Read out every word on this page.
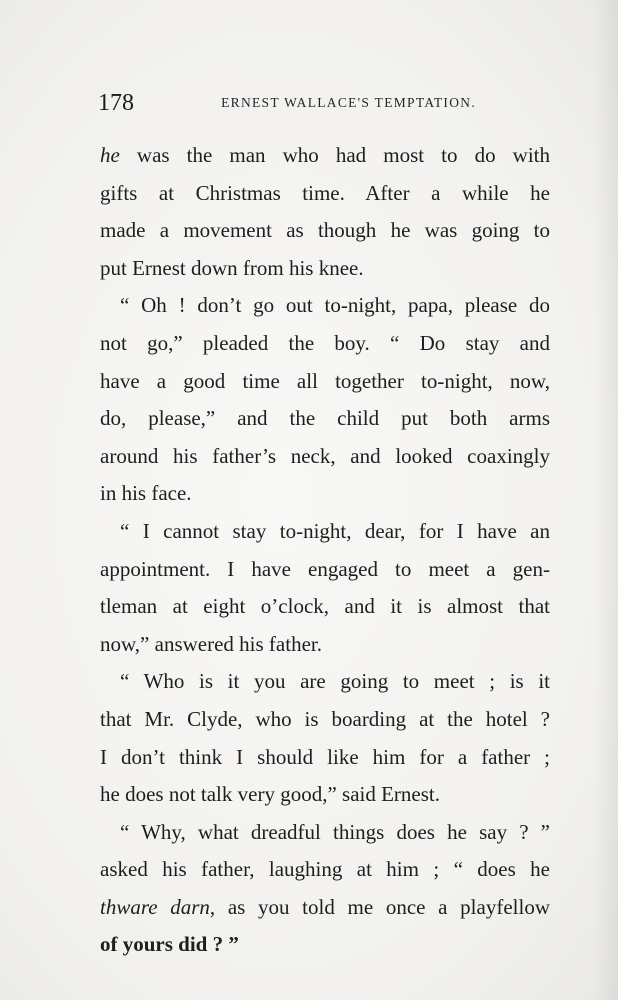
178	ERNEST WALLACE'S TEMPTATION.
he was the man who had most to do with
gifts at Christmas time. After a while he
made a movement as though he was going to
put Ernest down from his knee.
“ Oh ! don’t go out to-night, papa, please do
not go,” pleaded the boy. “ Do stay and
have a good time all together to-night, now,
do, please,” and the child put both arms
around his father’s neck, and looked coaxingly
in his face.
“ I cannot stay to-night, dear, for I have an
appointment. I have engaged to meet a gen-
tleman at eight o’clock, and it is almost that
now,” answered his father.
“ Who is it you are going to meet ; is it
that Mr. Clyde, who is boarding at the hotel ?
I don’t think I should like him for a father ;
he does not talk very good,” said Ernest.
“ Why, what dreadful things does he say ? ”
asked his father, laughing at him ; “ does he
thware darn, as you told me once a playfellow
of yours did ? ”
